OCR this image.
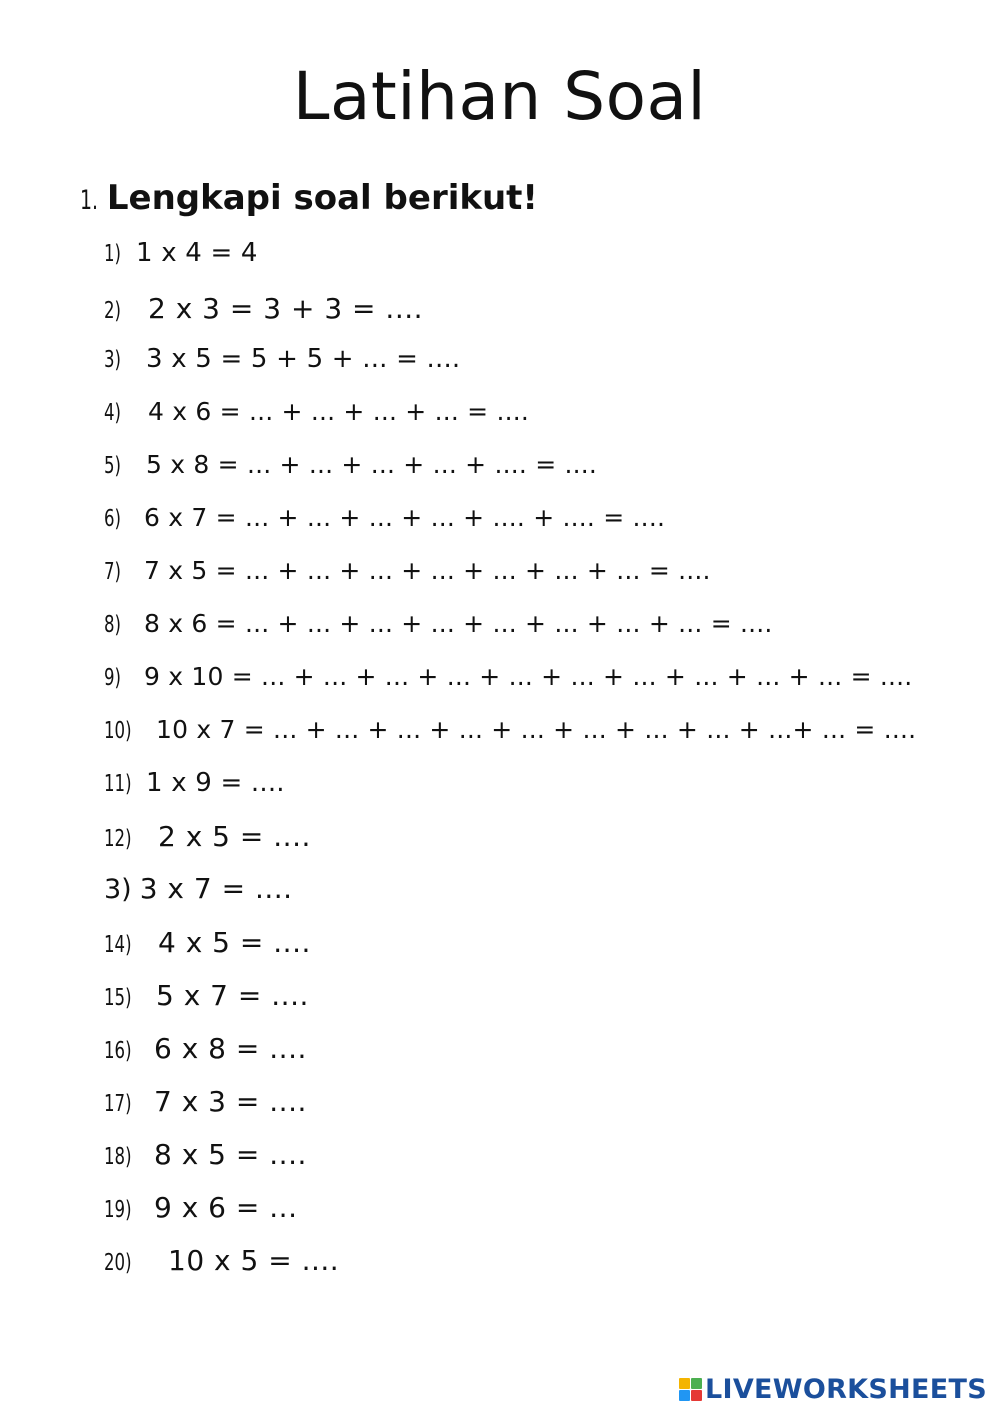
Latihan Soal
1. Lengkapi soal berikut!
1) 1 x 4 = 4
2) 2 x 3 = 3 + 3 = ....
3) 3 x 5 = 5 + 5 + ... = ....
4) 4 x 6 = ... + ... + ... + ... = ....
5) 5 x 8 = ... + ... + ... + ... + .... = ....
6) 6 x 7 = ... + ... + ... + ... + .... + .... = ....
7) 7 x 5 = ... + ... + ... + ... + ... + ... + ... = ....
8) 8 x 6 = ... + ... + ... + ... + ... + ... + ... + ... = ....
9) 9 x 10 = ... + ... + ... + ... + ... + ... + ... + ... + ... + ... = ....
10) 10 x 7 = ... + ... + ... + ... + ... + ... + ... + ... + ...+ ... = ....
11) 1 x 9 = ....
12) 2 x 5 = ....
3) 3 x 7 = ....
14) 4 x 5 = ....
15) 5 x 7 = ....
16) 6 x 8 = ....
17) 7 x 3 = ....
18) 8 x 5 = ....
19) 9 x 6 = ...
20) 10 x 5 = ....
LIVEWORKSHEETS
